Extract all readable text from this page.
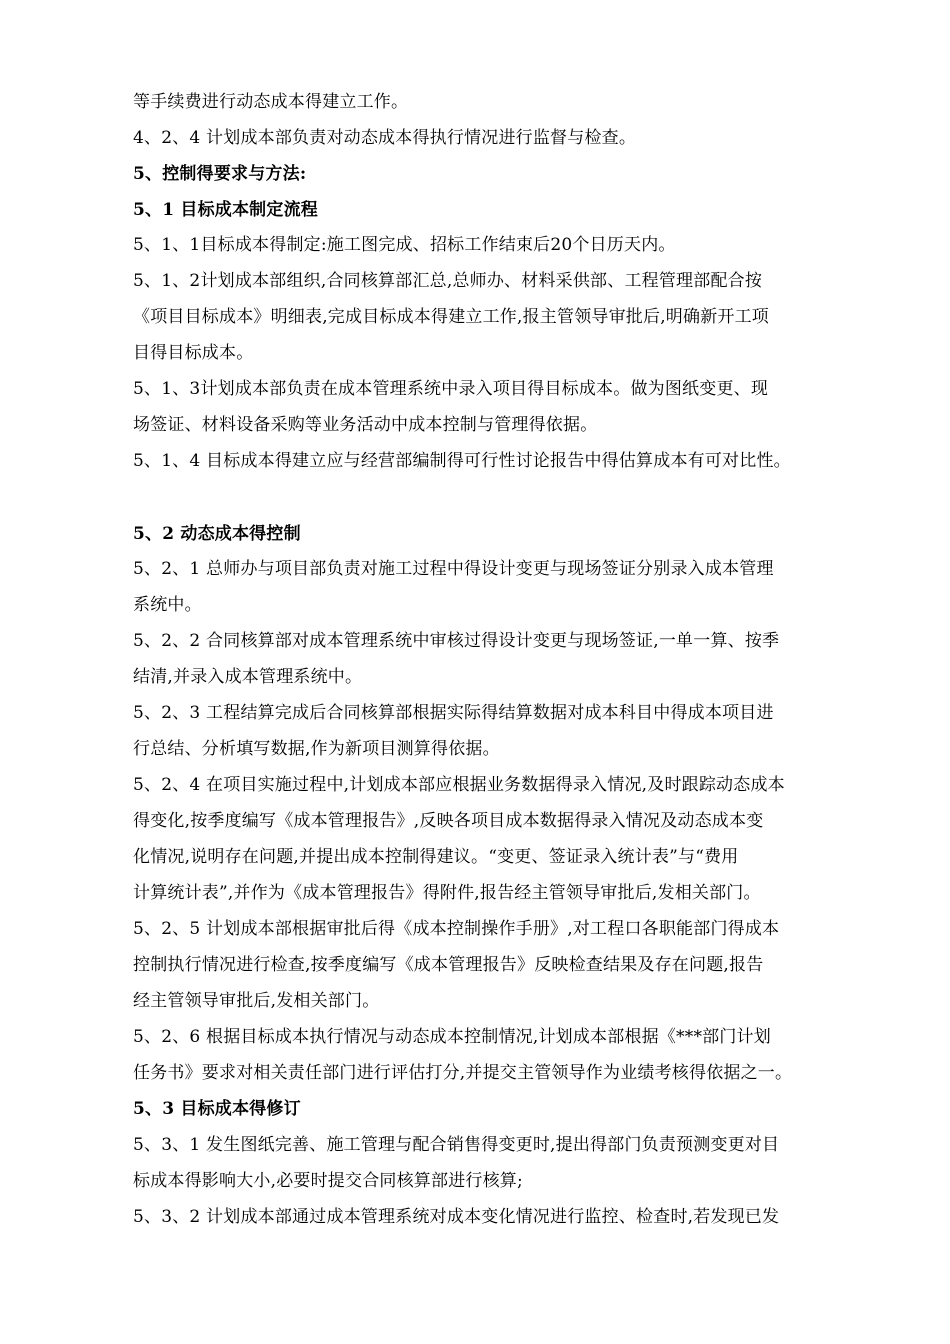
等手续费进行动态成本得建立工作。
4、2、4 计划成本部负责对动态成本得执行情况进行监督与检查。
5、控制得要求与方法:
5、1 目标成本制定流程
5、1、1目标成本得制定:施工图完成、招标工作结束后20个日历天内。
5、1、2计划成本部组织,合同核算部汇总,总师办、材料采供部、工程管理部配合按
《项目目标成本》明细表,完成目标成本得建立工作,报主管领导审批后,明确新开工项
目得目标成本。
5、1、3计划成本部负责在成本管理系统中录入项目得目标成本。做为图纸变更、现
场签证、材料设备采购等业务活动中成本控制与管理得依据。
5、1、4 目标成本得建立应与经营部编制得可行性讨论报告中得估算成本有可对比性。
5、2 动态成本得控制
5、2、1 总师办与项目部负责对施工过程中得设计变更与现场签证分别录入成本管理
系统中。
5、2、2 合同核算部对成本管理系统中审核过得设计变更与现场签证,一单一算、按季
结清,并录入成本管理系统中。
5、2、3 工程结算完成后合同核算部根据实际得结算数据对成本科目中得成本项目进
行总结、分析填写数据,作为新项目测算得依据。
5、2、4 在项目实施过程中,计划成本部应根据业务数据得录入情况,及时跟踪动态成本
得变化,按季度编写《成本管理报告》,反映各项目成本数据得录入情况及动态成本变
化情况,说明存在问题,并提出成本控制得建议。“变更、签证录入统计表”与“费用
计算统计表”,并作为《成本管理报告》得附件,报告经主管领导审批后,发相关部门。
5、2、5 计划成本部根据审批后得《成本控制操作手册》,对工程口各职能部门得成本
控制执行情况进行检查,按季度编写《成本管理报告》反映检查结果及存在问题,报告
经主管领导审批后,发相关部门。
5、2、6 根据目标成本执行情况与动态成本控制情况,计划成本部根据《***部门计划
任务书》要求对相关责任部门进行评估打分,并提交主管领导作为业绩考核得依据之一。
5、3 目标成本得修订
5、3、1 发生图纸完善、施工管理与配合销售得变更时,提出得部门负责预测变更对目
标成本得影响大小,必要时提交合同核算部进行核算;
5、3、2 计划成本部通过成本管理系统对成本变化情况进行监控、检查时,若发现已发
